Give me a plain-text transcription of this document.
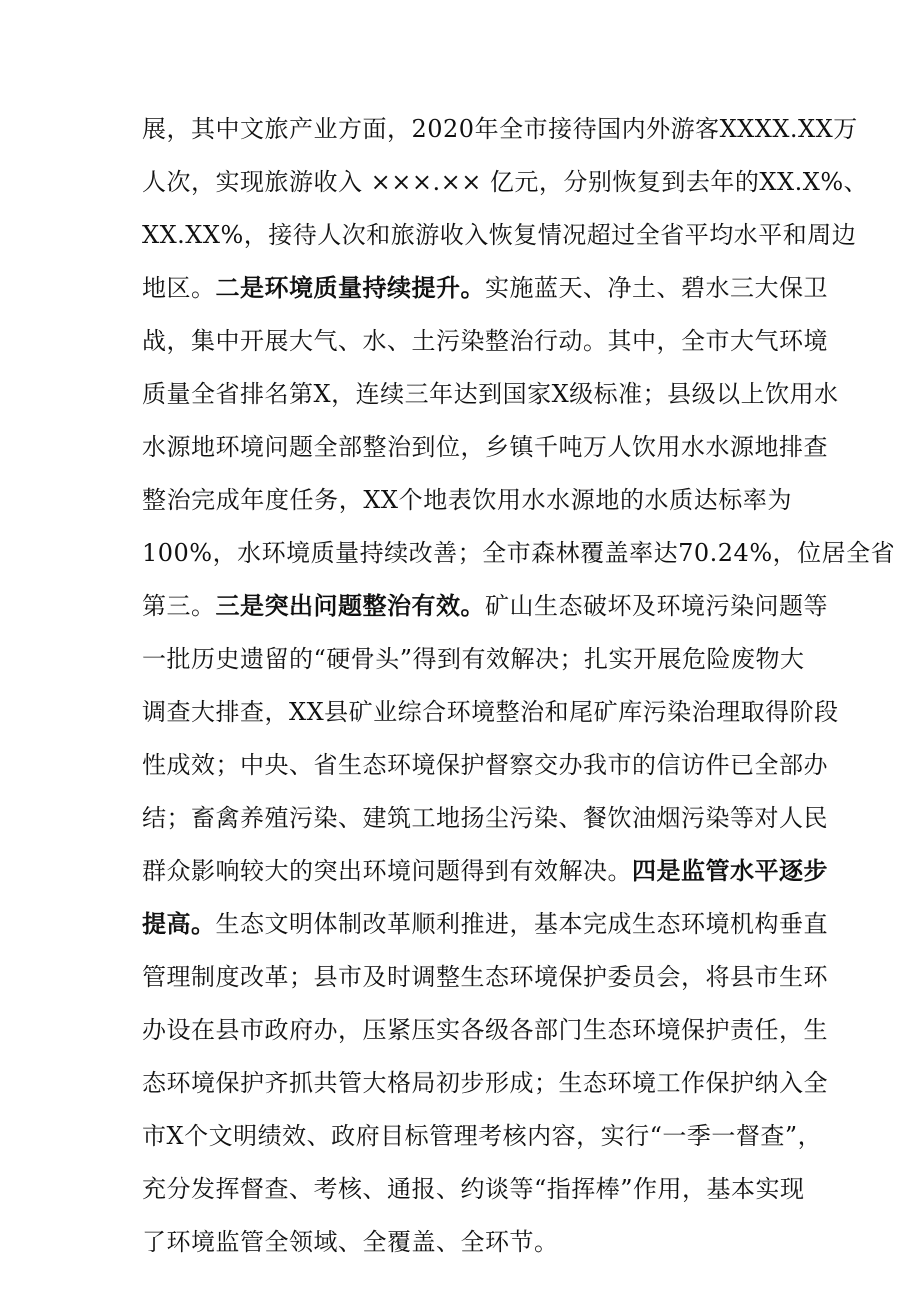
展，其中文旅产业方面，2020年全市接待国内外游客XXXX.XX万
人次，实现旅游收入 ×××.×× 亿元，分别恢复到去年的XX.X%、
XX.XX%，接待人次和旅游收入恢复情况超过全省平均水平和周边
地区。二是环境质量持续提升。实施蓝天、净土、碧水三大保卫
战，集中开展大气、水、土污染整治行动。其中，全市大气环境
质量全省排名第X，连续三年达到国家X级标准；县级以上饮用水
水源地环境问题全部整治到位，乡镇千吨万人饮用水水源地排查
整治完成年度任务，XX个地表饮用水水源地的水质达标率为
100%，水环境质量持续改善；全市森林覆盖率达70.24%，位居全省
第三。三是突出问题整治有效。矿山生态破坏及环境污染问题等
一批历史遗留的“硬骨头”得到有效解决；扎实开展危险废物大
调查大排查，XX县矿业综合环境整治和尾矿库污染治理取得阶段
性成效；中央、省生态环境保护督察交办我市的信访件已全部办
结；畜禽养殖污染、建筑工地扬尘污染、餐饮油烟污染等对人民
群众影响较大的突出环境问题得到有效解决。四是监管水平逐步
提高。生态文明体制改革顺利推进，基本完成生态环境机构垂直
管理制度改革；县市及时调整生态环境保护委员会，将县市生环
办设在县市政府办，压紧压实各级各部门生态环境保护责任，生
态环境保护齐抓共管大格局初步形成；生态环境工作保护纳入全
市X个文明绩效、政府目标管理考核内容，实行“一季一督查”，
充分发挥督查、考核、通报、约谈等“指挥棒”作用，基本实现
了环境监管全领域、全覆盖、全环节。
